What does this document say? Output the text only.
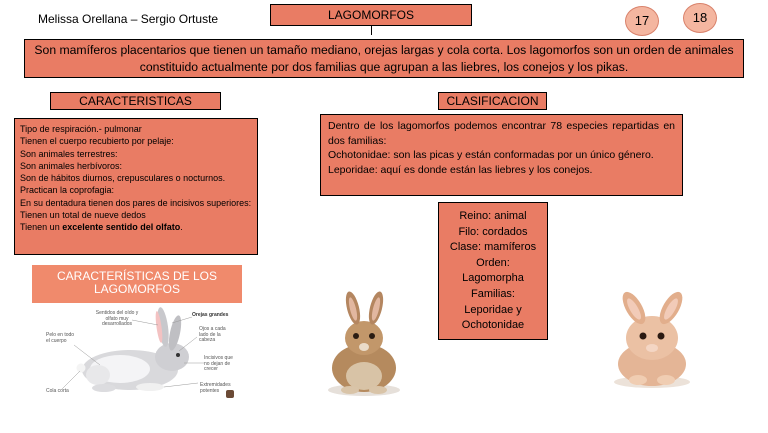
Melissa Orellana – Sergio Ortuste	LAGOMORFOS	17	18
Son mamíferos placentarios que tienen un tamaño mediano, orejas largas y cola corta. Los lagomorfos son un orden de animales constituido actualmente por dos familias que agrupan a las liebres, los conejos y los pikas.
CARACTERISTICAS
Tipo de respiración.- pulmonar
Tienen el cuerpo recubierto por pelaje:
Son animales terrestres:
Son animales herbívoros:
Son de hábitos diurnos, crepusculares o nocturnos.
Practican la coprofagia:
En su dentadura tienen dos pares de incisivos superiores:
Tienen un total de nueve dedos
Tienen un excelente sentido del olfato.
CLASIFICACION
Dentro de los lagomorfos podemos encontrar 78 especies repartidas en dos familias:
Ochotonidae: son las picas y están conformadas por un único género.
Leporidae: aquí es donde están las liebres y los conejos.
Reino: animal
Filo: cordados
Clase: mamíferos
Orden:
Lagomorpha
Familias:
Leporidae y
Ochotonidae
CARACTERÍSTICAS DE LOS
LAGOMORFOS
Sentidos del oído y olfato muy desarrollados
Orejas grandes
Ojos a cada lado de la cabeza
Pelo en todo el cuerpo
Incisivos que no dejan de crecer
Extremidades potentes
Cola corta
